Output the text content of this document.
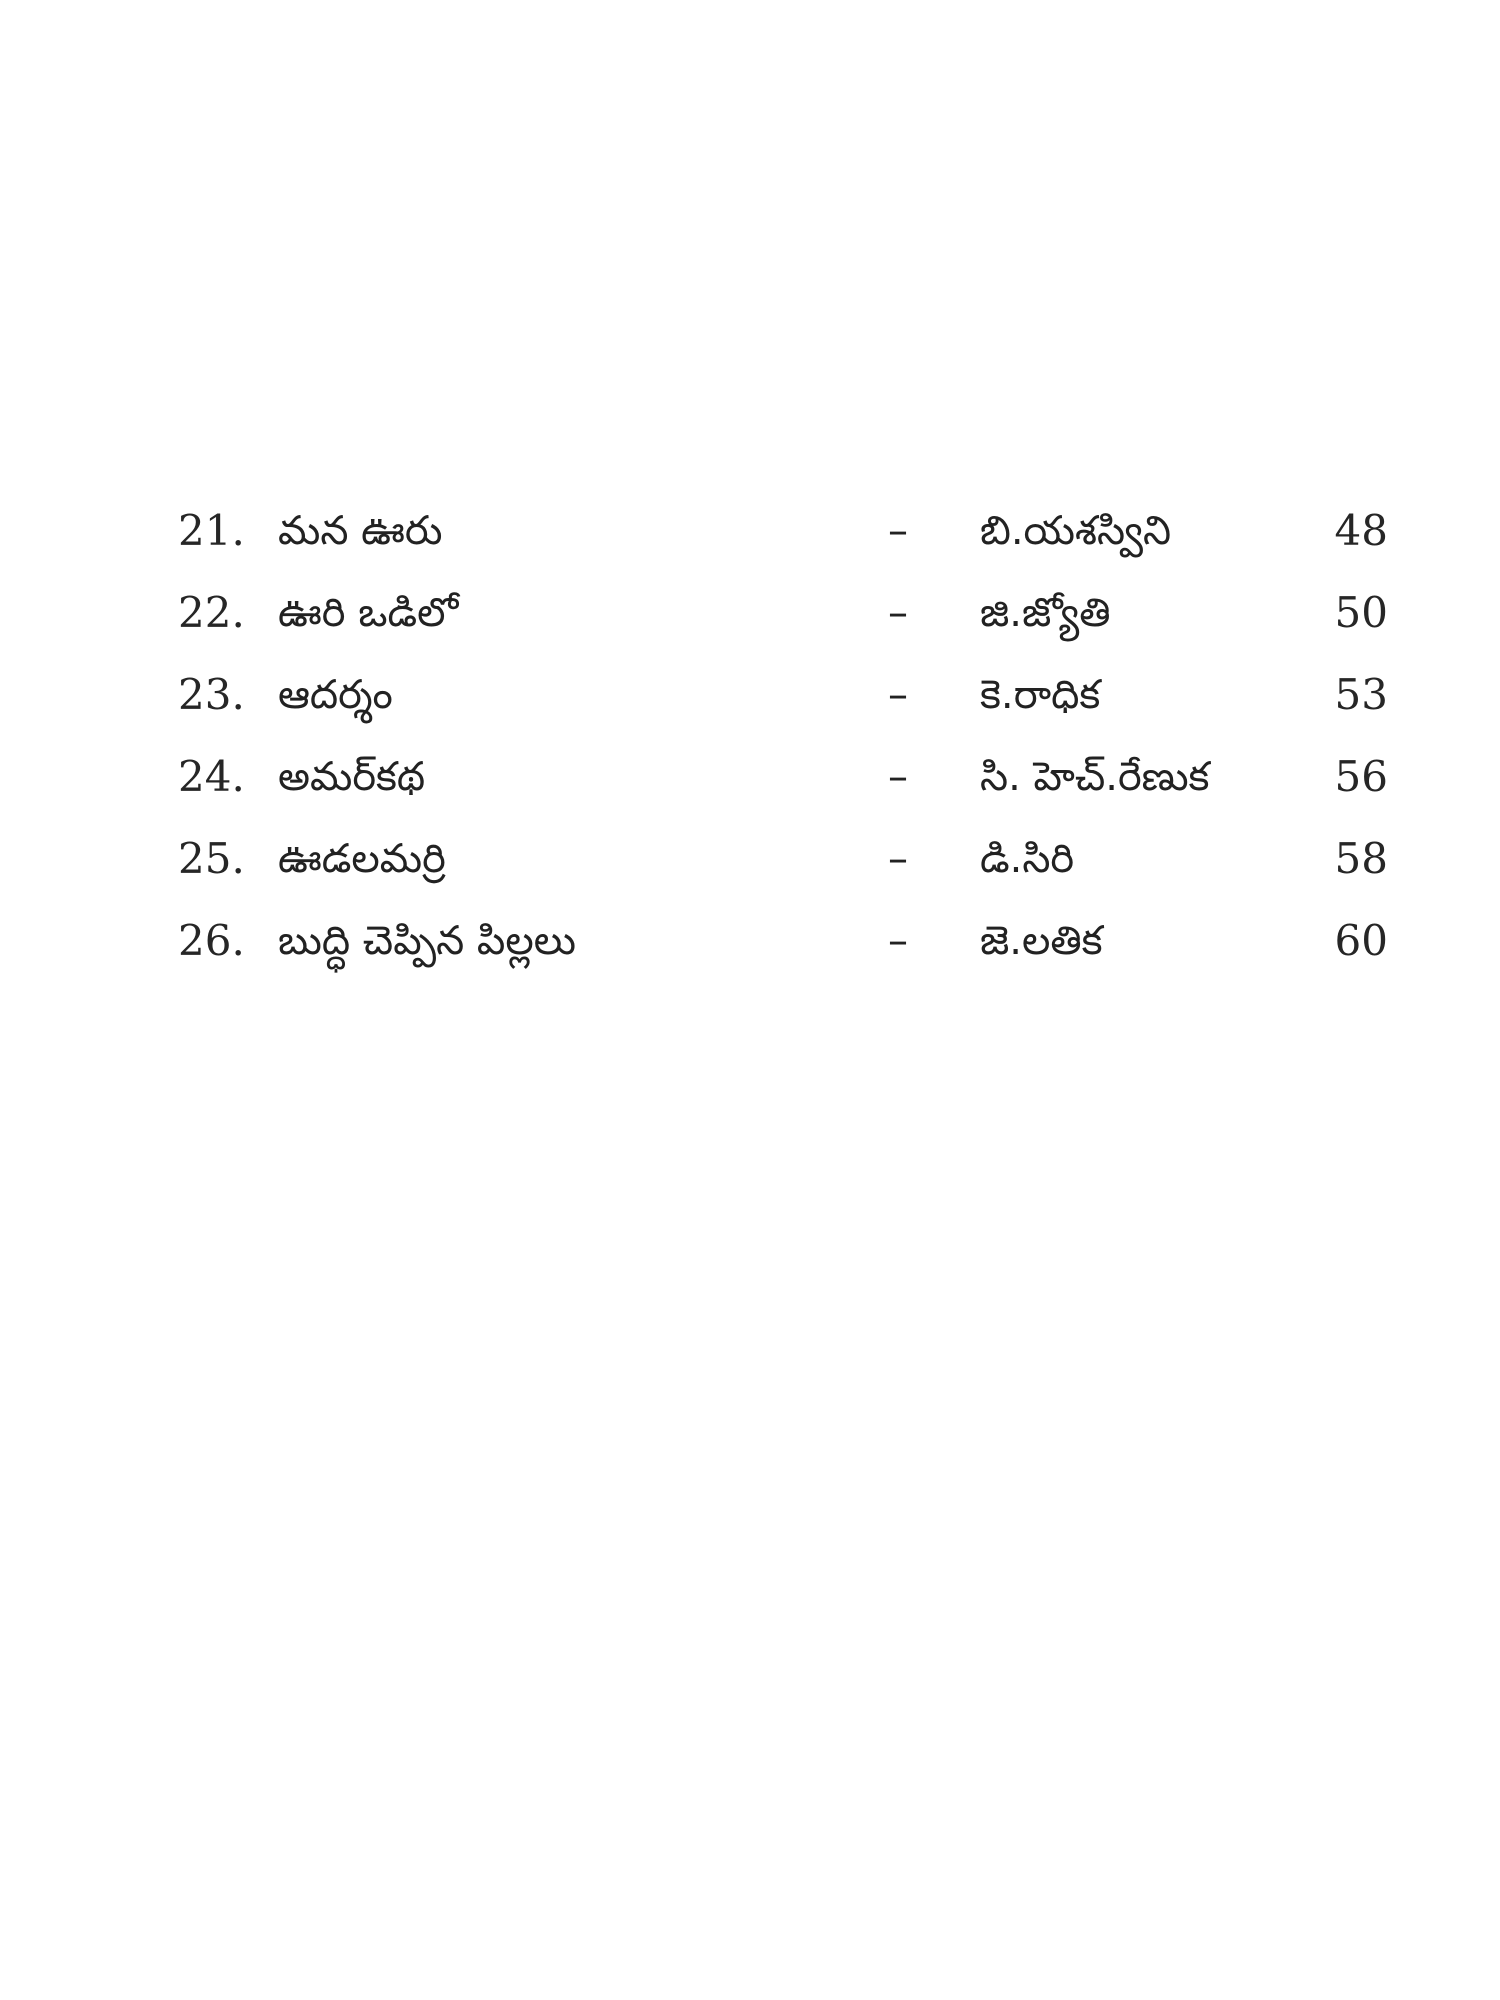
21. మన ఊరు	– బి.యశస్విని	48
22. ఊరి ఒడిలో	– జి.జ్యోతి	50
23. ఆదర్శం	– కె.రాధిక	53
24. అమర్‌కథ	– సి. హెచ్.రేణుక	56
25. ఊడలమర్రి	– డి.సిరి	58
26. బుద్ధి చెప్పిన పిల్లలు	– జె.లతిక	60
